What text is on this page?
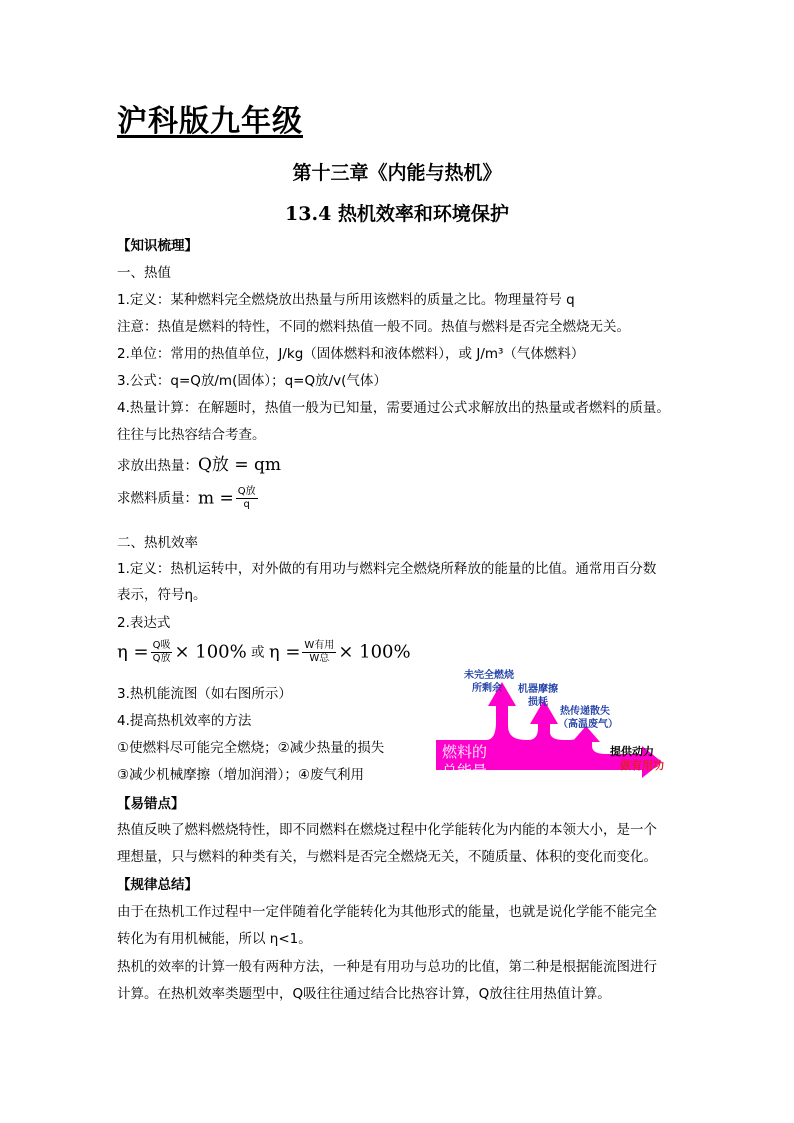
沪科版九年级
第十三章《内能与热机》
13.4 热机效率和环境保护
【知识梳理】
一、热值
1.定义：某种燃料完全燃烧放出热量与所用该燃料的质量之比。物理量符号 q
注意：热值是燃料的特性，不同的燃料热值一般不同。热值与燃料是否完全燃烧无关。
2.单位：常用的热值单位，J/kg（固体燃料和液体燃料），或 J/m³（气体燃料）
3.公式：q=Q放/m(固体）；q=Q放/v(气体）
4.热量计算：在解题时，热值一般为已知量，需要通过公式求解放出的热量或者燃料的质量。
往往与比热容结合考查。
求放出热量：Q放 = qm
求燃料质量：$m = \frac{\text{Q放}}{q}$
二、热机效率
1.定义：热机运转中，对外做的有用功与燃料完全燃烧所释放的能量的比值。通常用百分数
表示，符号η。
2.表达式
$\eta = \frac{\text{Q吸}}{\text{Q放}} \times 100\%$ 或 $\eta = \frac{\text{W有用}}{\text{W总}} \times 100\%$
3.热机能流图（如右图所示）
4.提高热机效率的方法
①使燃料尽可能完全燃烧；②减少热量的损失
③减少机械摩擦（增加润滑）；④废气利用
燃料的
总能量
未完全燃烧
所剩余 机器摩擦
损耗
热传递散失
（高温废气）
提供动力
做有用功
【易错点】
热值反映了燃料燃烧特性，即不同燃料在燃烧过程中化学能转化为内能的本领大小，是一个
理想量，只与燃料的种类有关，与燃料是否完全燃烧无关，不随质量、体积的变化而变化。
【规律总结】
由于在热机工作过程中一定伴随着化学能转化为其他形式的能量，也就是说化学能不能完全
转化为有用机械能，所以 η<1。
热机的效率的计算一般有两种方法，一种是有用功与总功的比值，第二种是根据能流图进行
计算。在热机效率类题型中，Q吸往往通过结合比热容计算，Q放往往用热值计算。
